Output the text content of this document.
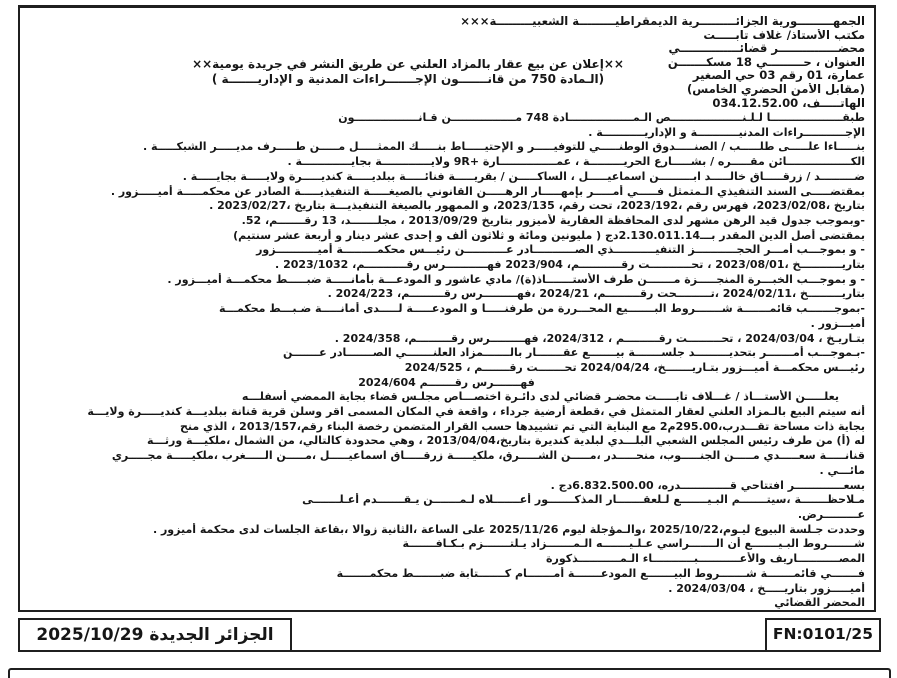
الجمهـــــــــورية الجزائـــــــــرية الديمقراطيـــــــــة الشعبيـــــــــة×××
مكتب الأستاذ/ غلاف تابـــــت
محضـــــــــــــــر قضائـــــــــــــــي
العنوان ، حـــــــــي 18 مسكـــــــن
عمارة، 01 رقم 03 حي الصغير
(مقابل الأمن الحضري الخامس)
الهاتـــــف، 034.12.52.00
××إعلان عن بيع عقار بالمزاد العلني عن طريق النشر في جريدة يومية××
(الـمادة 750 من قانـــــــون الإجـــــــراءات المدنية و الإداريـــــــة )
طبقـــــــــــــــــــا لـلـنـــــــــــــــــــص الـمـــــــــــــــــادة 748 مـــــــــــــــــن قـانـــــــــــــــــون
الإجـــــــــــراءات المدنيـــــــــــة و الإداريـــــــــــة .
بنـــــاءا علـــــى طلـــــب / الصنـــــدوق الوطنـــــي للتوفيـــــر و الإحتيـــــاط بنـــــك الممثـــــل مـــــن طـــــرف مديـــــر الشبكـــــة .
الكـــــــــــــــــائن مقـــــره / بشـــــارع الحريـــــــــة ، عمـــــــــــــــارة 9R+‎ ولايـــــــــــــة بجايـــــــــــــة .
ضـــــــــد / زرقـــــاق خالـــــد ابـــــــــن اسماعيـــــل ، الساكـــــن / بقريـــــة فنائـــــة ببلديـــــة كنديـــــرة ولايـــــة بجايـــــة .
بمقتضـــــى السند التنفيذي الـمتمثل فـــــي أمـــــر بإمهـــــار الرهـــــن القانوني بالصيغـــــة التنفيذيـــــة الصادر عن محكمـــــة أميـــــزور .
بتاريخ ،2023/02/08، فهرس رقم ،2023/192، تحت رقم، 2023/135، و الممهور بالصيغة التنفيذيـــة بتاريخ ،2023/02/27 .
-وبموجب جدول قيد الرهن مشهر لدى المحافظة العقارية لأميزور بتاريخ 2013/09/29 ، مجلـــــــد، 13 رقـــــــم، 52.
بمقتضى أصل الدين المقدر بـــ2.130.011.14دج ( مليونين ومائة و ثلاثون ألف و إحدى عشر دينار و أربعة عشر سنتيم)
- و بموجـــب أمـــر الحجـــــــــــز التنفيـــــــــــذي الصـــــــــــادر عـــــــــــن رئيـــس محكمـــــــــة أميـــــــــــزور
بتاريـــــــــــخ ،2023/08/01 ، تحـــــــــــت رقـــــــــــم، 2023/904 فهـــــــــــرس رقـــــــــــم، 2023/1032 .
- و بموجـــب الخبـــرة المنجـــــزة مـــــــن طرف الأستـــــــاذ(ة)/ مادي عاشور و المودعـــة بأمانـــــة ضبـــــط محكمـــة أميـــزور .
بتاريـــــــــخ ،2024/02/11 ،تـــــــــحت رقـــــــــم، 2024/21 ،فهـــــــــرس رقـــــــــم، 2024/223 .
-بموجـــــــب قائمـــــــة شـــــــروط البـــــــيع المحـــررة من طرفنـــــا و المودعـــــة لـــــدى أمانـــــة ضـبـــط محكمـــة
أميـــزور .
بتـاريـخ ، 2024/03/04 ، تحـــــــــت رقـــــــــم ، 2024/312، فهـــــــــرس رقـــــــــم، 2024/358 .
-بـموجـــب أمـــــــر بتحديـــــــــد جلســـــــة بيـــــــع عقـــــــار بالـــــــمزاد العلنـــــــي الصـــــــادر عـــــــن
رئيـــس محكمـــة أميـــزور بتـاريـــــــخ، 2024/04/24 تحـــــــت رقـــــــم ، 2024/525
فهـــــــرس رقـــــــم 2024/604
يعلـــــن الأستـــاذ / غـــلاف تابـــــت محضـر قضائي لدى دائـرة اختصـــاص مجلـس قضاء بجاية الممضي أسفلـــه
أنه سيتم البيع بالـمزاد العلني لعقار المتمثل في ،قطعة أرضية جرداء ، واقعة في المكان المسمى اقر وسلن قرية قنانة ببلديـــة كنديـــــرة ولايـــة
بجاية ذات مساحة تقـــدرب،295.00م2 مع البناية التي تم تشييدها حسب القرار المتضمن رخصة البناء رقم،2013/157 ، الذي منح
له (أ) من طرف رئيس المجلس الشعبي البلـــدي لبلدية كنديرة بتاريخ،2013/04/04 ، وهي محدودة كالتالي، من الشمال ،ملكيـــة ورثـــة
قنانـــــة سعـــــدي مـــــن الجنـــــوب، منحـــــدر ،مـــــن الشـــــرق، ملكيـــــة زرقـــــاق اسماعيـــــل ،مـــــن الـــــغرب ،ملكيـــــة مجـــــري
مائـــي .
بسعـــــــــــــر افتتاحي قـــــــــــــدره، 6.832.500.00دج .
مـلاحظـــــــة ،سيتـــــــم البـيـــــــع لـلعقـــــــار المذكـــــــور أعـــــــلاه لـمـــــــن يـقـــــــدم أعـلـــــــى
عـــــــــرض.
وحددت جـلسة البيوع ليـوم،2025/10/22 ،والـمؤجلة ليوم 2025/11/26 على الساعة ،الثانية زوالا ،بقاعة الجلسات لدى محكمة أميزور .
شـــــــروط البـيـــــــع أن الـــــــراسي عـلـيـــــــه الـمـــــــزاد يـلتـــــــزم بـكـافـــــــة
المصـــــــــــاريف والأعـــــــــــبـــــــــــاء الـمـــــــــــذكورة
فـــــــي قائمـــــــة شـــــــروط البيـــــــع المودعـــــــة أمـــــــام كـــــــتابة ضبـــــــط محكمـــــــة
أميـــــزور بتاريـــــخ ، 2024/03/04 .
المحضر القضائي
الجزائر الجديدة 2025/10/29	FN:0101/25
